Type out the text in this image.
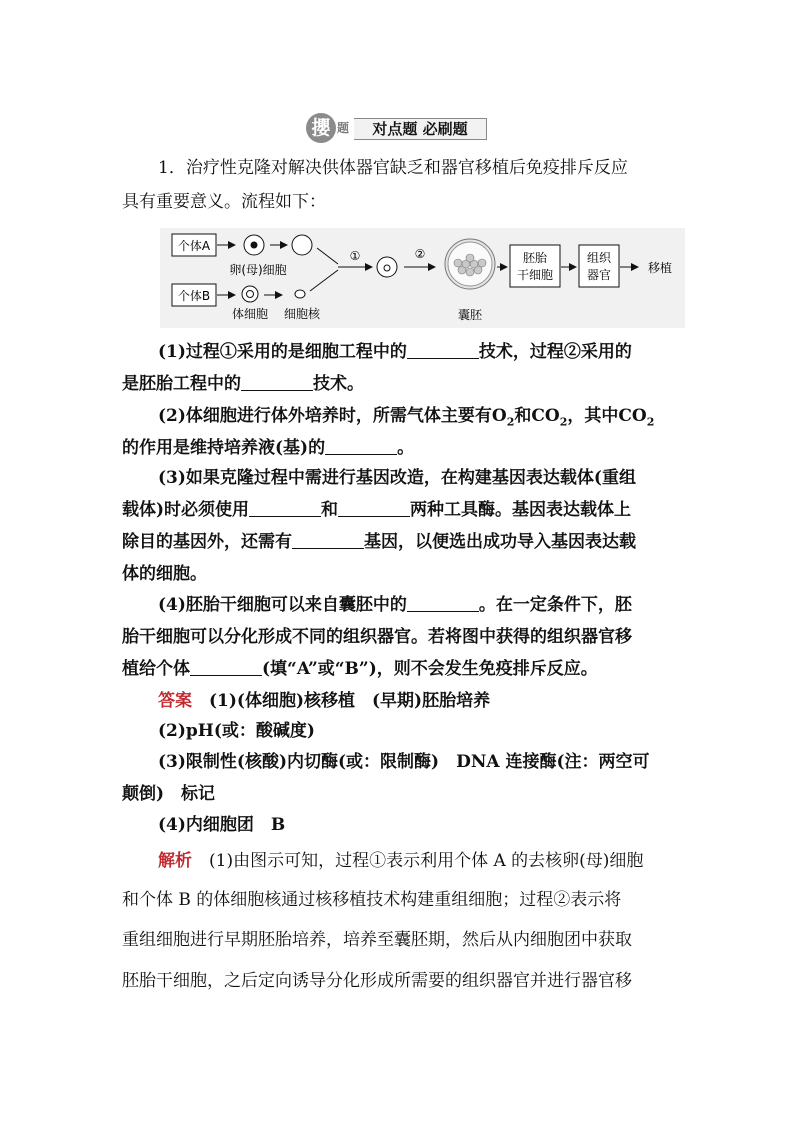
攖 题	对点题 必刷题
1．治疗性克隆对解决供体器官缺乏和器官移植后免疫排斥反应
具有重要意义。流程如下：
个体A
卵(母)细胞
个体B
体细胞 细胞核
①	②
囊胚
胚胎
干细胞
组织
器官	移植
(1)过程①采用的是细胞工程中的	技术，过程②采用的
是胚胎工程中的	技术。
(2)体细胞进行体外培养时，所需气体主要有$O_2$和$CO_2$，其中$CO_2$
的作用是维持培养液(基)的	。
(3)如果克隆过程中需进行基因改造，在构建基因表达载体(重组
载体)时必须使用	和	两种工具酶。基因表达载体上
除目的基因外，还需有	基因，以便选出成功导入基因表达载
体的细胞。
(4)胚胎干细胞可以来自囊胚中的	。在一定条件下，胚
胎干细胞可以分化形成不同的组织器官。若将图中获得的组织器官移
植给个体	(填“A”或“B”)，则不会发生免疫排斥反应。
答案　 (1)(体细胞)核移植　(早期)胚胎培养
(2)pH(或：酸碱度)
(3)限制性(核酸)内切酶(或：限制酶)　DNA 连接酶(注：两空可
颠倒)　标记
(4)内细胞团　B
解析　 (1)由图示可知，过程①表示利用个体 A 的去核卵(母)细胞
和个体 B 的体细胞核通过核移植技术构建重组细胞；过程②表示将
重组细胞进行早期胚胎培养，培养至囊胚期，然后从内细胞团中获取
胚胎干细胞，之后定向诱导分化形成所需要的组织器官并进行器官移
